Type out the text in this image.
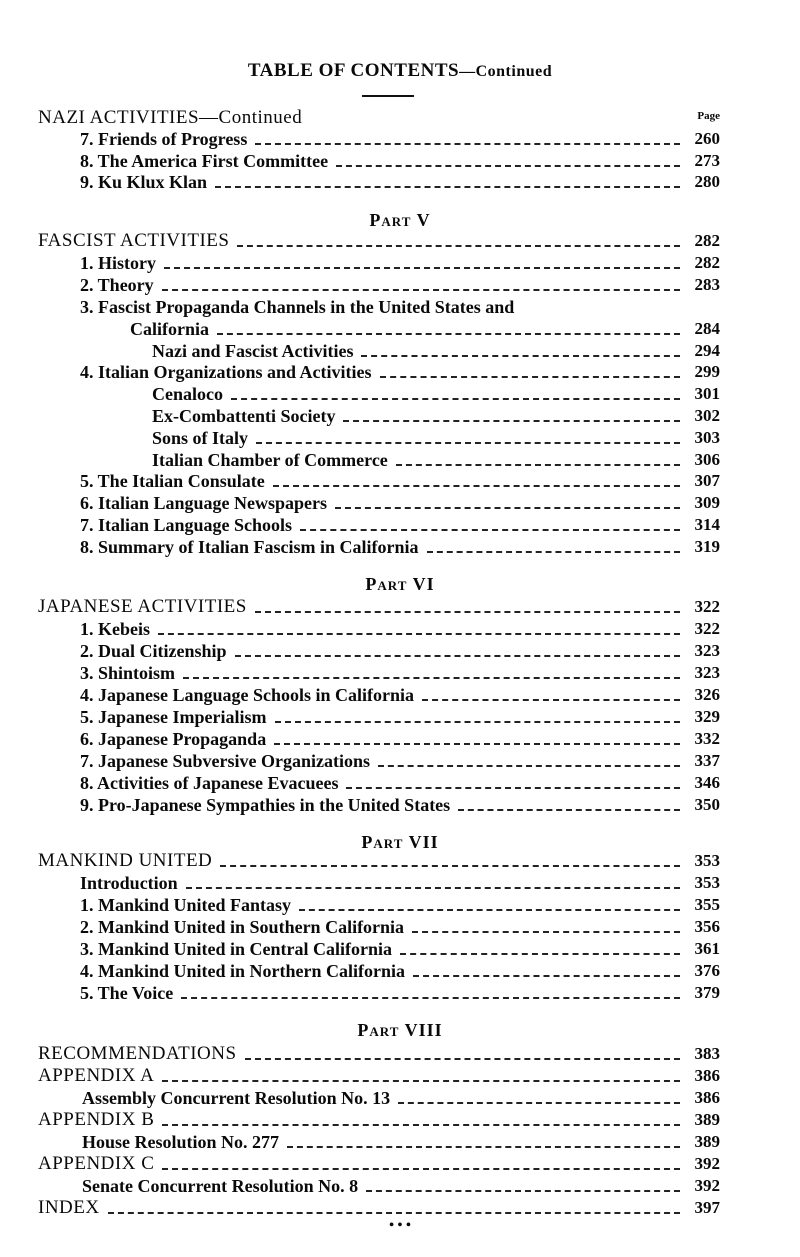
TABLE OF CONTENTS—Continued
Page
NAZI ACTIVITIES—Continued
7. Friends of Progress	260
8. The America First Committee	273
9. Ku Klux Klan	280
Part V
FASCIST ACTIVITIES	282
1. History	282
2. Theory	283
3. Fascist Propaganda Channels in the United States and
California	284
Nazi and Fascist Activities	294
4. Italian Organizations and Activities	299
Cenaloco	301
Ex-Combattenti Society	302
Sons of Italy	303
Italian Chamber of Commerce	306
5. The Italian Consulate	307
6. Italian Language Newspapers	309
7. Italian Language Schools	314
8. Summary of Italian Fascism in California	319
Part VI
JAPANESE ACTIVITIES	322
1. Kebeis	322
2. Dual Citizenship	323
3. Shintoism	323
4. Japanese Language Schools in California	326
5. Japanese Imperialism	329
6. Japanese Propaganda	332
7. Japanese Subversive Organizations	337
8. Activities of Japanese Evacuees	346
9. Pro-Japanese Sympathies in the United States	350
Part VII
MANKIND UNITED	353
Introduction	353
1. Mankind United Fantasy	355
2. Mankind United in Southern California	356
3. Mankind United in Central California	361
4. Mankind United in Northern California	376
5. The Voice	379
Part VIII
RECOMMENDATIONS	383
APPENDIX A	386
Assembly Concurrent Resolution No. 13	386
APPENDIX B	389
House Resolution No. 277	389
APPENDIX C	392
Senate Concurrent Resolution No. 8	392
INDEX	397
• • •
